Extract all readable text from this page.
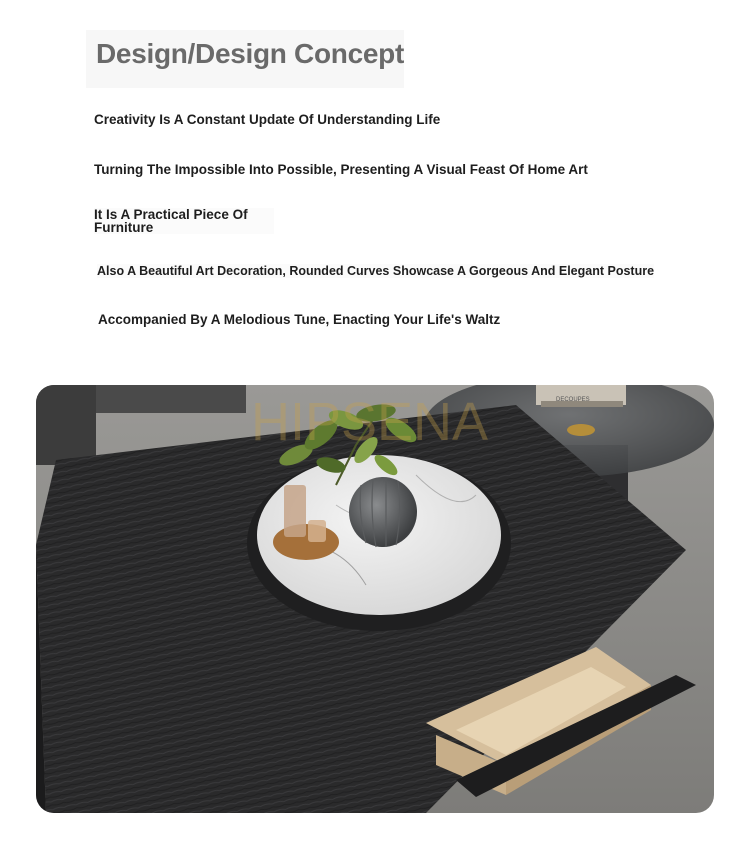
Design/Design Concept
Creativity Is A Constant Update Of Understanding Life
Turning The Impossible Into Possible, Presenting A Visual Feast Of Home Art
It Is A Practical Piece Of Furniture
Also A Beautiful Art Decoration, Rounded Curves Showcase A Gorgeous And Elegant Posture
Accompanied By A Melodious Tune, Enacting Your Life's Waltz
DECOUPES
HIPSENA
